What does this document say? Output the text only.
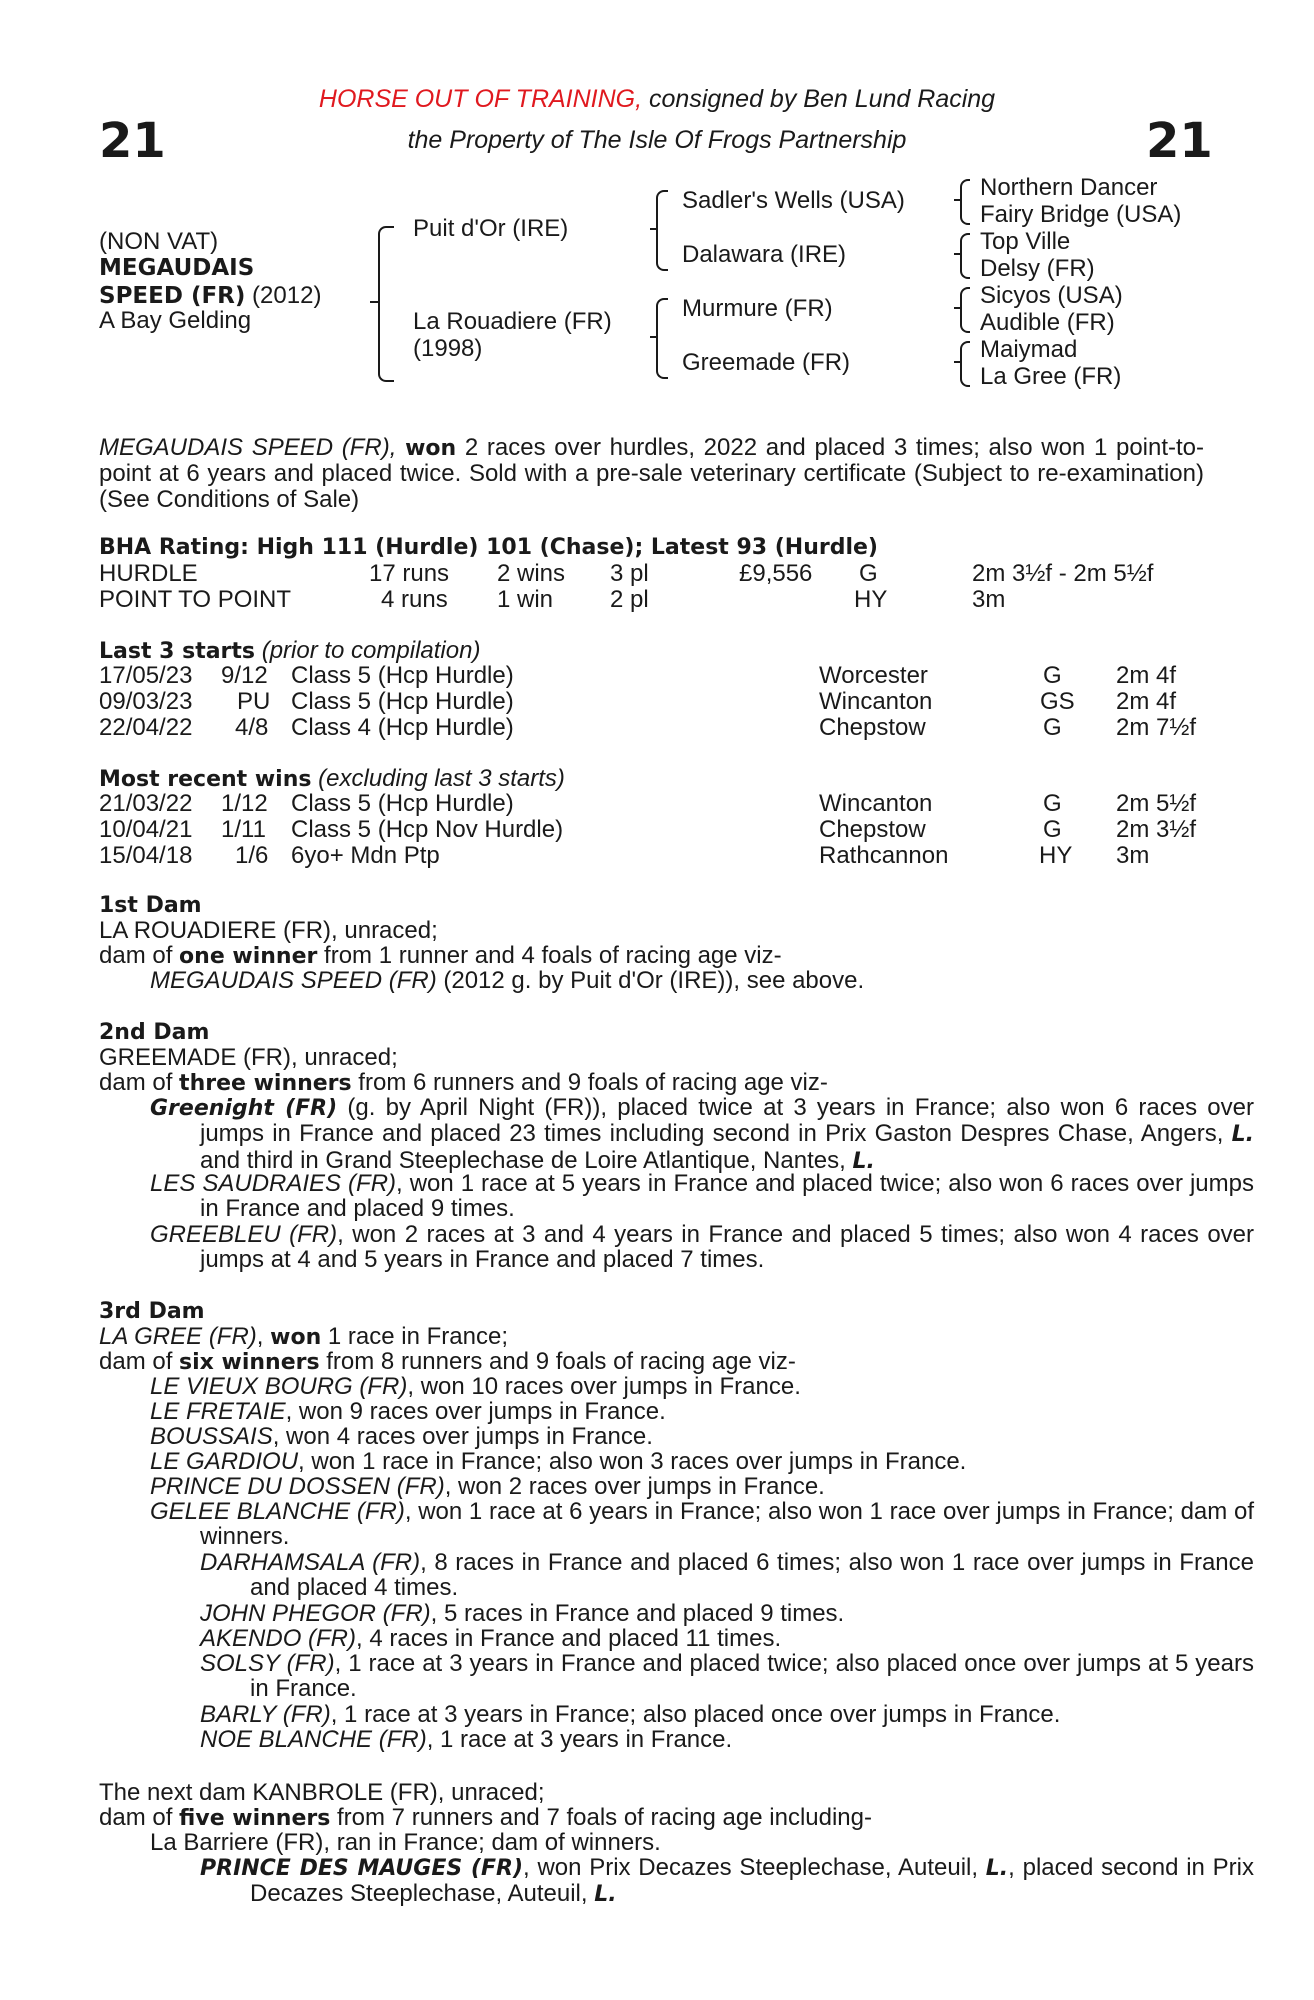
21	21
HORSE OUT OF TRAINING, consigned by Ben Lund Racing
the Property of The Isle Of Frogs Partnership
(NON VAT)
MEGAUDAIS
SPEED (FR) (2012)
A Bay Gelding
Puit d'Or (IRE)
La Rouadiere (FR)
(1998)
Sadler's Wells (USA)
Dalawara (IRE)
Murmure (FR)
Greemade (FR)
Northern Dancer
Fairy Bridge (USA)
Top Ville
Delsy (FR)
Sicyos (USA)
Audible (FR)
Maiymad
La Gree (FR)
MEGAUDAIS SPEED (FR), won 2 races over hurdles, 2022 and placed 3 times; also won 1 point-to-point at 6 years and placed twice. Sold with a pre-sale veterinary certificate (Subject to re-examination) (See Conditions of Sale)
BHA Rating: High 111 (Hurdle) 101 (Chase); Latest 93 (Hurdle)
HURDLE	17 runs 2 wins 3 pl	£9,556 G	2m 3½f - 2m 5½f
POINT TO POINT	4 runs 1 win 2 pl	HY	3m
Last 3 starts (prior to compilation)
17/05/23 9/12 Class 5 (Hcp Hurdle)	Worcester	G 2m 4f
09/03/23 PU Class 5 (Hcp Hurdle)	Wincanton	GS 2m 4f
22/04/22 4/8 Class 4 (Hcp Hurdle)	Chepstow	G 2m 7½f
Most recent wins (excluding last 3 starts)
21/03/22 1/12 Class 5 (Hcp Hurdle)	Wincanton	G 2m 5½f
10/04/21 1/11 Class 5 (Hcp Nov Hurdle)	Chepstow	G 2m 3½f
15/04/18 1/6 6yo+ Mdn Ptp	Rathcannon	HY 3m
1st Dam
LA ROUADIERE (FR), unraced;
dam of one winner from 1 runner and 4 foals of racing age viz-
MEGAUDAIS SPEED (FR) (2012 g. by Puit d'Or (IRE)), see above.
2nd Dam
GREEMADE (FR), unraced;
dam of three winners from 6 runners and 9 foals of racing age viz-
Greenight (FR) (g. by April Night (FR)), placed twice at 3 years in France; also won 6 races over jumps in France and placed 23 times including second in Prix Gaston Despres Chase, Angers, L. and third in Grand Steeplechase de Loire Atlantique, Nantes, L.
LES SAUDRAIES (FR), won 1 race at 5 years in France and placed twice; also won 6 races over jumps in France and placed 9 times.
GREEBLEU (FR), won 2 races at 3 and 4 years in France and placed 5 times; also won 4 races over jumps at 4 and 5 years in France and placed 7 times.
3rd Dam
LA GREE (FR), won 1 race in France;
dam of six winners from 8 runners and 9 foals of racing age viz-
LE VIEUX BOURG (FR), won 10 races over jumps in France.
LE FRETAIE, won 9 races over jumps in France.
BOUSSAIS, won 4 races over jumps in France.
LE GARDIOU, won 1 race in France; also won 3 races over jumps in France.
PRINCE DU DOSSEN (FR), won 2 races over jumps in France.
GELEE BLANCHE (FR), won 1 race at 6 years in France; also won 1 race over jumps in France; dam of winners.
DARHAMSALA (FR), 8 races in France and placed 6 times; also won 1 race over jumps in France and placed 4 times.
JOHN PHEGOR (FR), 5 races in France and placed 9 times.
AKENDO (FR), 4 races in France and placed 11 times.
SOLSY (FR), 1 race at 3 years in France and placed twice; also placed once over jumps at 5 years in France.
BARLY (FR), 1 race at 3 years in France; also placed once over jumps in France.
NOE BLANCHE (FR), 1 race at 3 years in France.
The next dam KANBROLE (FR), unraced;
dam of five winners from 7 runners and 7 foals of racing age including-
La Barriere (FR), ran in France; dam of winners.
PRINCE DES MAUGES (FR), won Prix Decazes Steeplechase, Auteuil, L., placed second in Prix Decazes Steeplechase, Auteuil, L.
